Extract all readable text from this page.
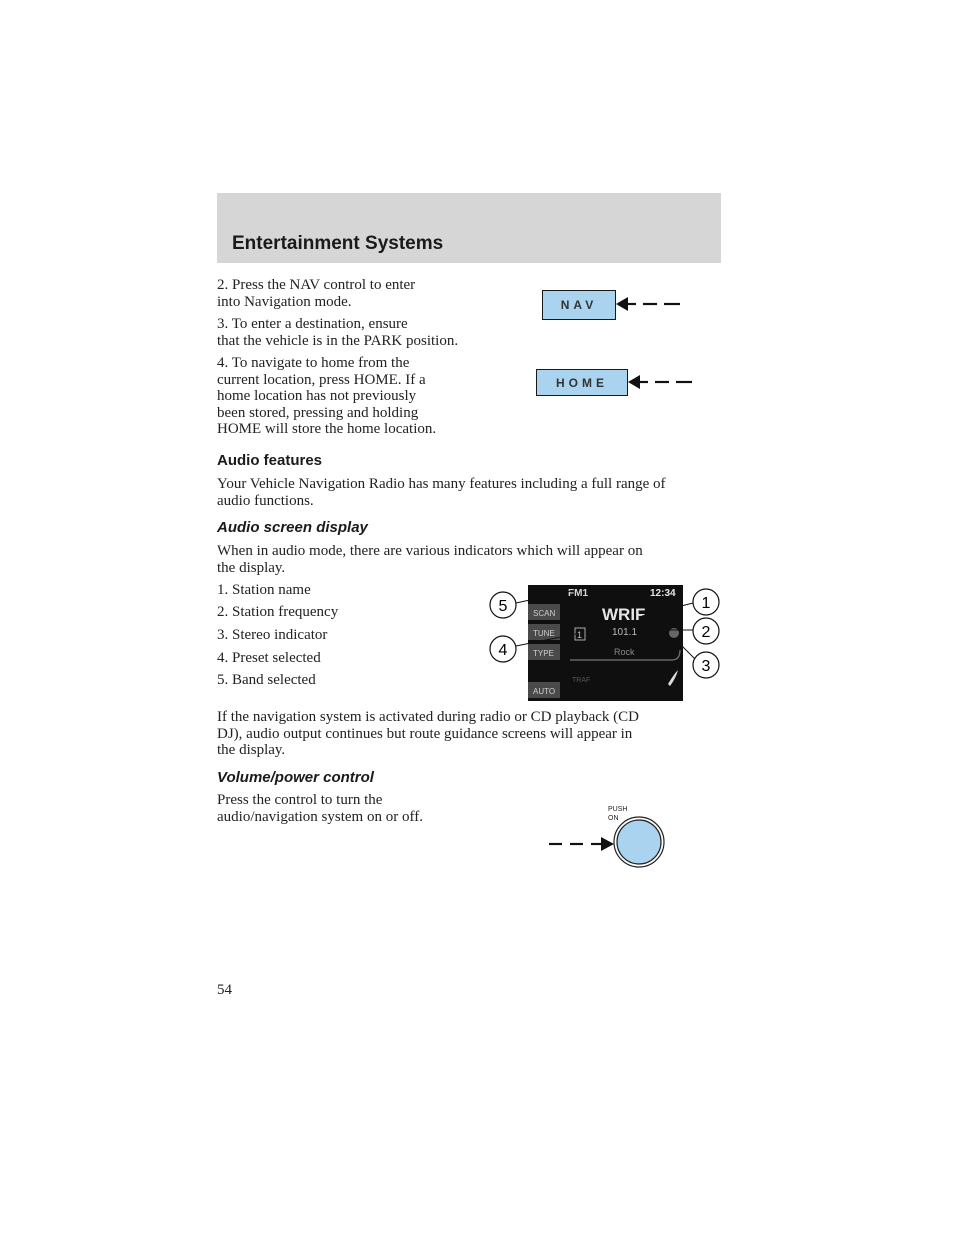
Entertainment Systems
2. Press the NAV control to enter
into Navigation mode.
3. To enter a destination, ensure
that the vehicle is in the PARK position.
4. To navigate to home from the
current location, press HOME. If a
home location has not previously
been stored, pressing and holding
HOME will store the home location.
NAV
HOME
Audio features
Your Vehicle Navigation Radio has many features including a full range of
audio functions.
Audio screen display
When in audio mode, there are various indicators which will appear on
the display.
1. Station name
2. Station frequency
3. Stereo indicator
4. Preset selected
5. Band selected
SCAN
TUNE
TYPE
AUTO
FM1	12:34
WRIF
101.1
Rock
1
TRAF
5
4
1
2
3
If the navigation system is activated during radio or CD playback (CD
DJ), audio output continues but route guidance screens will appear in
the display.
Volume/power control
Press the control to turn the
audio/navigation system on or off.	PUSH
ON
54
